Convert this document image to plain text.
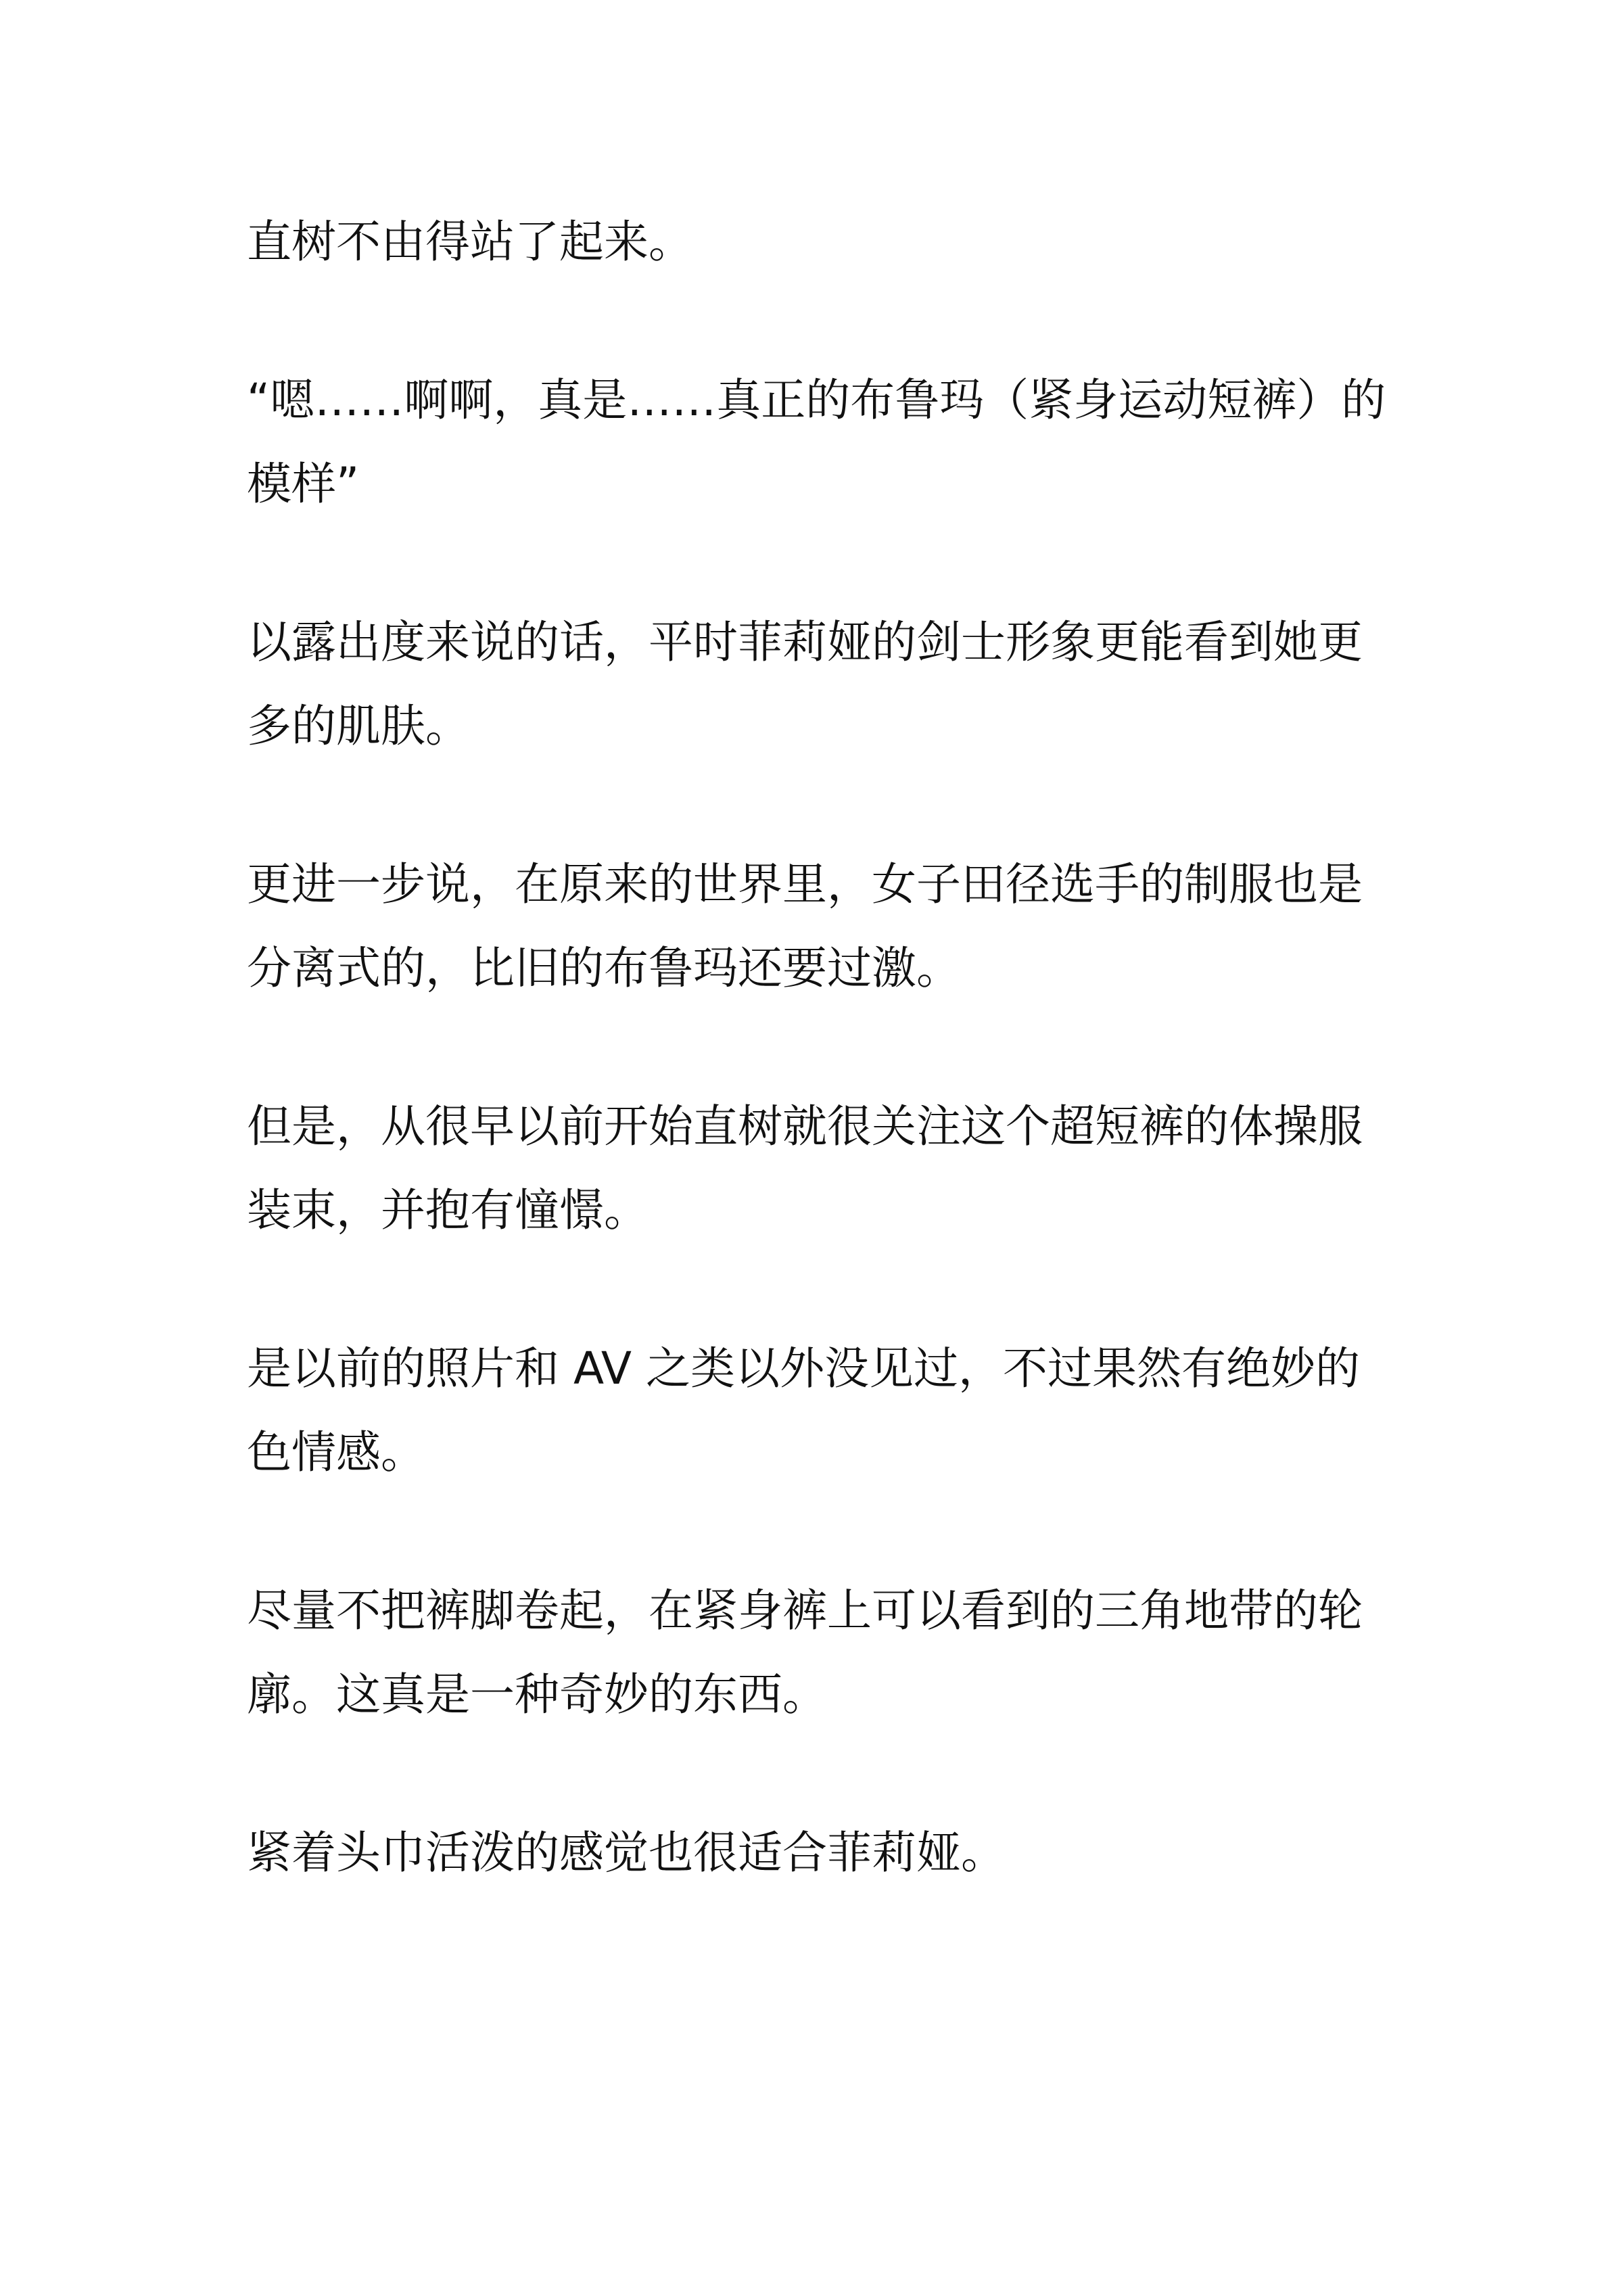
直树不由得站了起来。

“嗯……啊啊，真是……真正的布鲁玛（紧身运动短裤）的模样”

以露出度来说的话，平时菲莉娅的剑士形象更能看到她更多的肌肤。

更进一步说，在原来的世界里，女子田径选手的制服也是分离式的，比旧的布鲁玛还要过激。

但是，从很早以前开始直树就很关注这个超短裤的体操服装束，并抱有憧憬。

是以前的照片和 AV 之类以外没见过，不过果然有绝妙的色情感。

尽量不把裤脚卷起，在紧身裤上可以看到的三角地带的轮廓。这真是一种奇妙的东西。

紧着头巾活泼的感觉也很适合菲莉娅。
